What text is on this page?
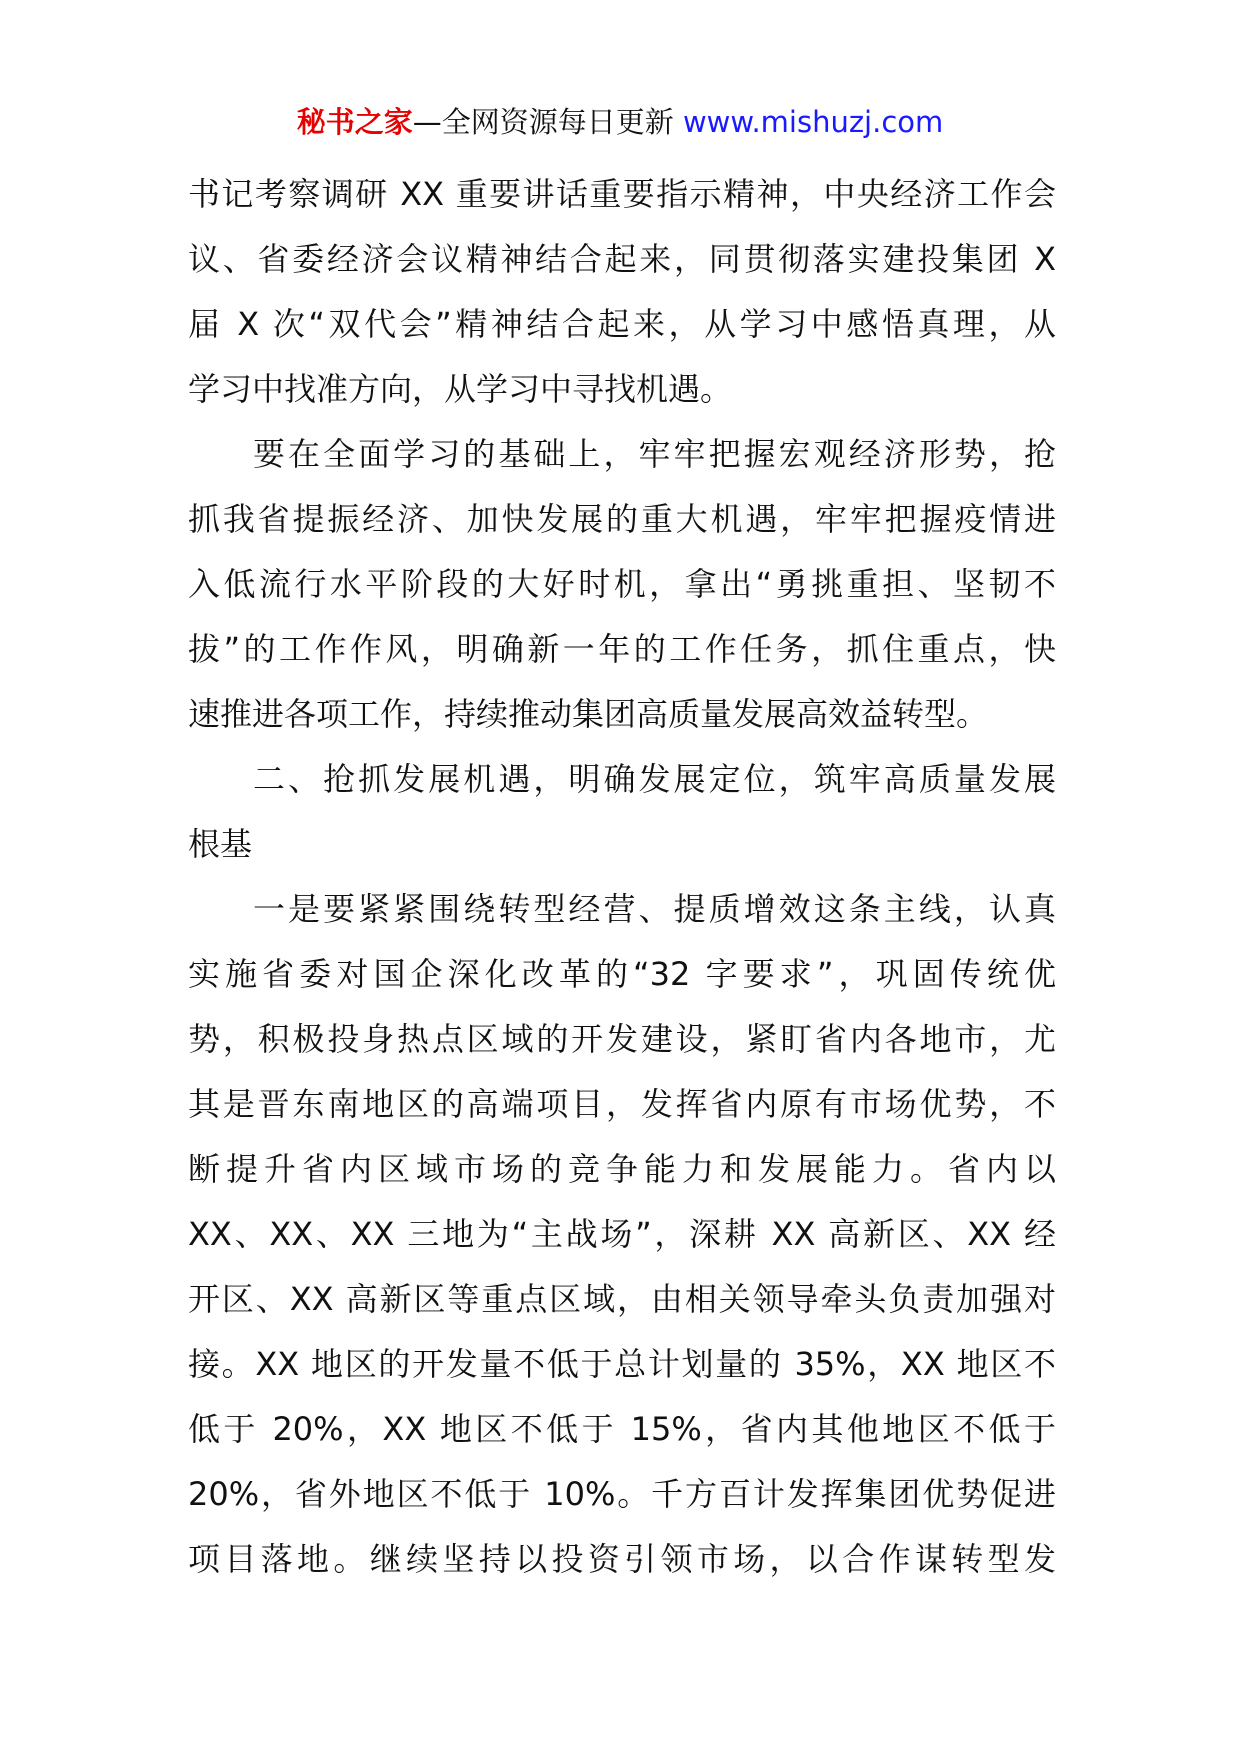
秘书之家—全网资源每日更新 www.mishuzj.com
书记考察调研 XX 重要讲话重要指示精神，中央经济工作会
议、省委经济会议精神结合起来，同贯彻落实建投集团 X
届 X 次“双代会”精神结合起来，从学习中感悟真理，从
学习中找准方向，从学习中寻找机遇。
要在全面学习的基础上，牢牢把握宏观经济形势，抢
抓我省提振经济、加快发展的重大机遇，牢牢把握疫情进
入低流行水平阶段的大好时机，拿出“勇挑重担、坚韧不
拔”的工作作风，明确新一年的工作任务，抓住重点，快
速推进各项工作，持续推动集团高质量发展高效益转型。
二、抢抓发展机遇，明确发展定位，筑牢高质量发展
根基
一是要紧紧围绕转型经营、提质增效这条主线，认真
实施省委对国企深化改革的“32 字要求”，巩固传统优
势，积极投身热点区域的开发建设，紧盯省内各地市，尤
其是晋东南地区的高端项目，发挥省内原有市场优势，不
断提升省内区域市场的竞争能力和发展能力。省内以
XX、XX、XX 三地为“主战场”，深耕 XX 高新区、XX 经
开区、XX 高新区等重点区域，由相关领导牵头负责加强对
接。XX 地区的开发量不低于总计划量的 35%，XX 地区不
低于 20%，XX 地区不低于 15%，省内其他地区不低于
20%，省外地区不低于 10%。千方百计发挥集团优势促进
项目落地。继续坚持以投资引领市场，以合作谋转型发
